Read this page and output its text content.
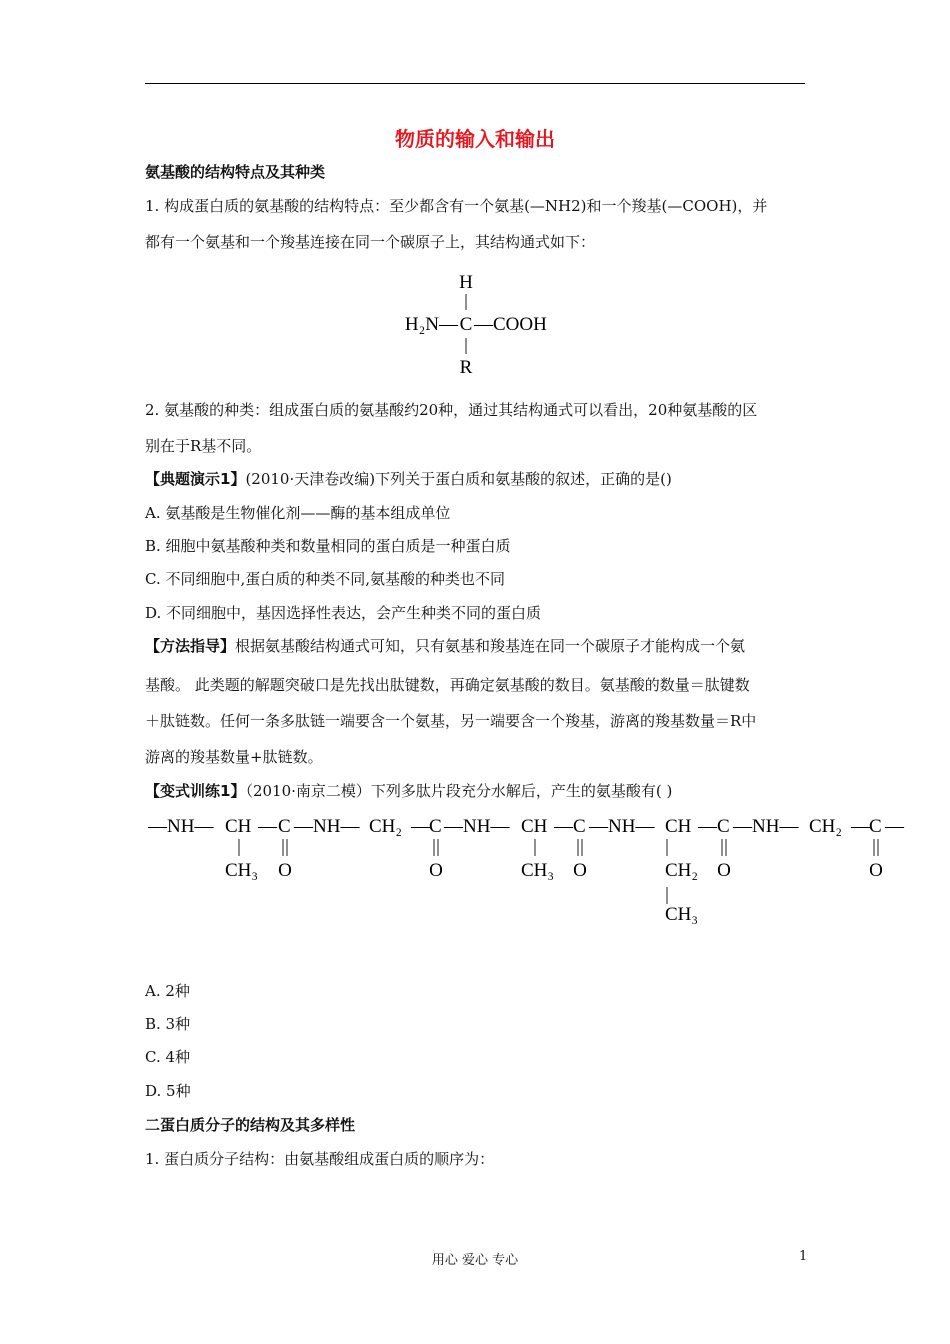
物质的输入和输出
氨基酸的结构特点及其种类
1. 构成蛋白质的氨基酸的结构特点：至少都含有一个氨基(—NH2)和一个羧基(—COOH)，并
都有一个氨基和一个羧基连接在同一个碳原子上，其结构通式如下：
H
H₂N— C —COOH
R
2. 氨基酸的种类：组成蛋白质的氨基酸约20种，通过其结构通式可以看出，20种氨基酸的区
别在于R基不同。
【典题演示1】(2010·天津卷改编)下列关于蛋白质和氨基酸的叙述，正确的是()
A. 氨基酸是生物催化剂——酶的基本组成单位
B. 细胞中氨基酸种类和数量相同的蛋白质是一种蛋白质
C. 不同细胞中,蛋白质的种类不同,氨基酸的种类也不同
D. 不同细胞中，基因选择性表达，会产生种类不同的蛋白质
【方法指导】根据氨基酸结构通式可知，只有氨基和羧基连在同一个碳原子才能构成一个氨
基酸。 此类题的解题突破口是先找出肽键数，再确定氨基酸的数目。氨基酸的数量＝肽键数
＋肽链数。任何一条多肽链一端要含一个氨基，另一端要含一个羧基，游离的羧基数量＝R中
游离的羧基数量+肽链数。
【变式训练1】（2010·南京二模）下列多肽片段充分水解后，产生的氨基酸有( )
—NH— CH — C —NH— CH₂ — C —NH— CH — C —NH— CH — C —NH— CH₂ — C —
CH₃ O	O	CH₃ O	CH₂ O	O
CH₃
A. 2种
B. 3种
C. 4种
D. 5种
二蛋白质分子的结构及其多样性
1. 蛋白质分子结构：由氨基酸组成蛋白质的顺序为：
用心 爱心 专心	1
